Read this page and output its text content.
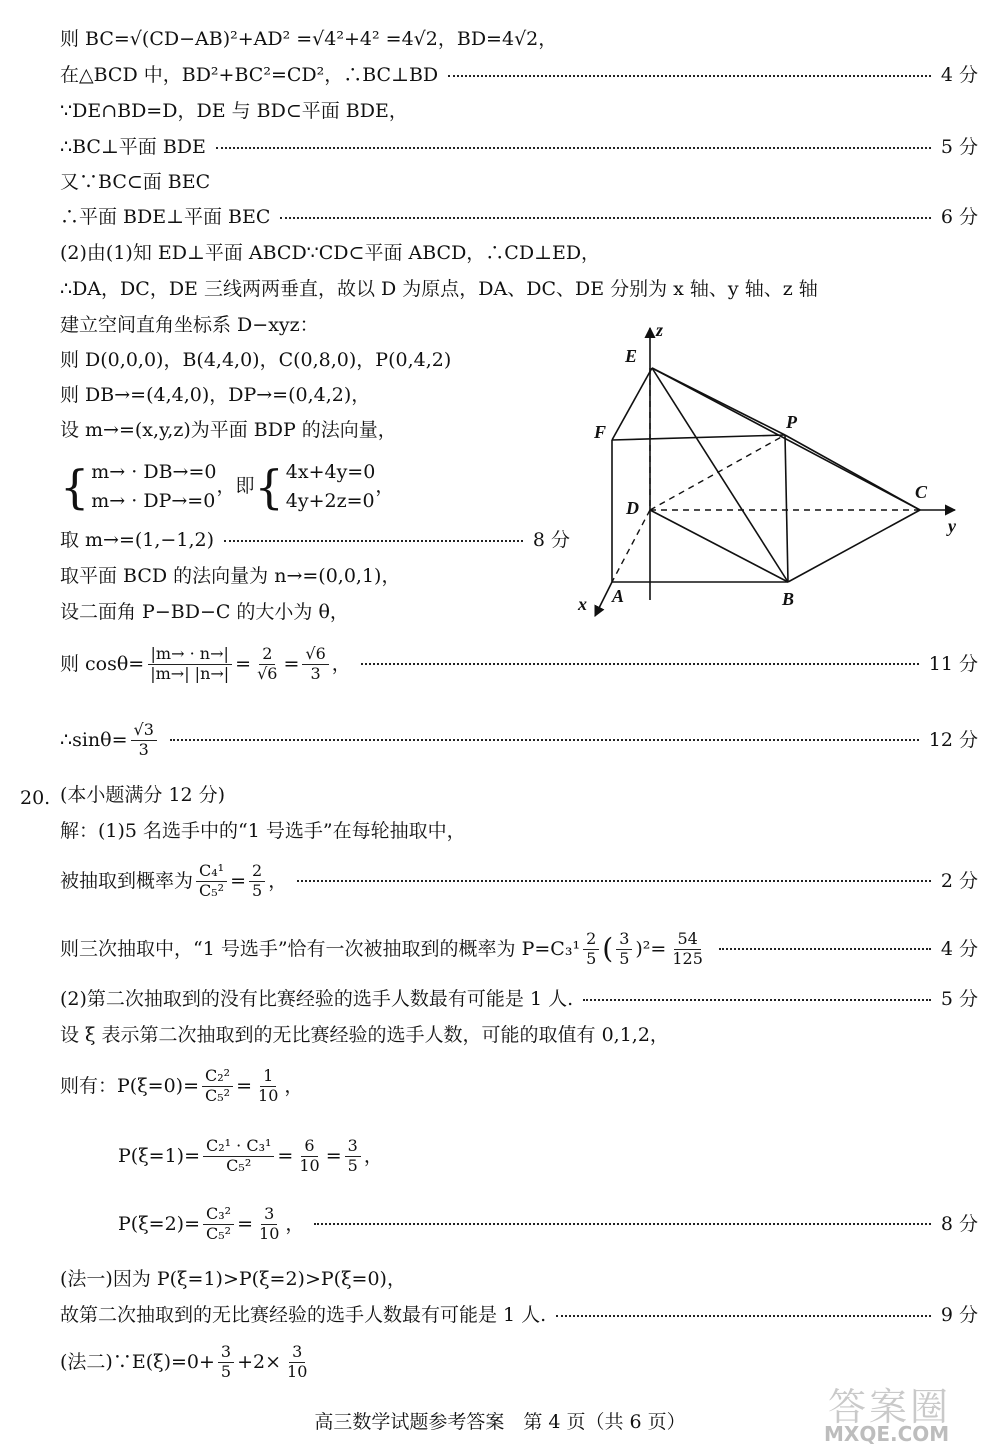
则 BC=√(CD−AB)²+AD² =√4²+4² =4√2，BD=4√2，
在△BCD 中，BD²+BC²=CD²，∴BC⊥BD	4 分
∵DE∩BD=D，DE 与 BD⊂平面 BDE，
∴BC⊥平面 BDE	5 分
又∵BC⊂面 BEC
∴平面 BDE⊥平面 BEC	6 分
(2)由(1)知 ED⊥平面 ABCD∵CD⊂平面 ABCD，∴CD⊥ED，
∴DA，DC，DE 三线两两垂直，故以 D 为原点，DA、DC、DE 分别为 x 轴、y 轴、z 轴
建立空间直角坐标系 D−xyz：
则 D(0,0,0)，B(4,4,0)，C(0,8,0)，P(0,4,2)
则 DB→=(4,4,0)，DP→=(0,4,2)，
设 m→=(x,y,z)为平面 BDP 的法向量，
{ m→ · DB→=0
m→ · DP→=0
，即 { 4x+4y=0
4y+2z=0
，
取 m→=(1,−1,2)	8 分
取平面 BCD 的法向量为 n→=(0,0,1)，
设二面角 P−BD−C 的大小为 θ，
则 $\cos\theta= \frac{|m\to \cdot n\to|}{|m\to| |n\to|} = \frac{2}{√6} = \frac{√6}{3}$ ，	11 分
∴sinθ= $\frac{√3}{3}$	12 分
z
E
F	P
C
y
D
x A	B
(本小题满分 12 分)
20.
解：(1)5 名选手中的“1 号选手”在每轮抽取中，
被抽取到概率为 $\frac{\text{C₄¹}}{\text{C₅²}} = \frac{2}{5}$ ，	2 分
则三次抽取中，“1 号选手”恰有一次被抽取到的概率为 $P=C_3^1 \frac{2}{5}$ ( $\frac{3}{5} )^2= \frac{54}{125}$	4 分
(2)第二次抽取到的没有比赛经验的选手人数最有可能是 1 人.	5 分
设 ξ 表示第二次抽取到的无比赛经验的选手人数，可能的取值有 0,1,2，
则有：$P(\xi=0)= \frac{\text{C₂²}}{\text{C₅²}} = \frac{1}{10}$ ，
$P(\xi=1)= \frac{\text{C₂¹ · C₃¹}}{\text{C₅²}} = \frac{6}{10} = \frac{3}{5}$ ，
$P(\xi=2)= \frac{\text{C₃²}}{\text{C₅²}} = \frac{3}{10}$ ，	8 分
(法一)因为 P(ξ=1)>P(ξ=2)>P(ξ=0)，
故第二次抽取到的无比赛经验的选手人数最有可能是 1 人.	9 分
(法二)∵E(ξ)=0+ $\frac{3}{5} +2\times \frac{3}{10}$
高三数学试题参考答案　第 4 页（共 6 页）	答案圈
MXQE.COM
